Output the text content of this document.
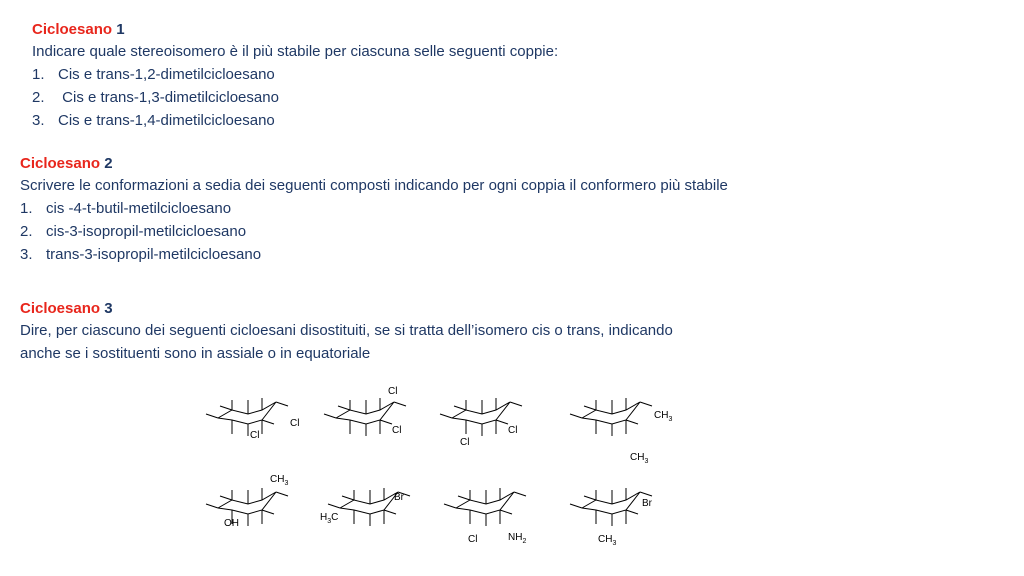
Cicloesano 1
Indicare quale stereoisomero è il più stabile per ciascuna selle seguenti coppie:
1. Cis e trans-1,2-dimetilcicloesano
2. Cis e trans-1,3-dimetilcicloesano
3. Cis e trans-1,4-dimetilcicloesano
Cicloesano 2
Scrivere le conformazioni a sedia dei seguenti composti indicando per ogni coppia il conformero più stabile
1. cis -4-t-butil-metilcicloesano
2. cis-3-isopropil-metilcicloesano
3. trans-3-isopropil-metilcicloesano
Cicloesano 3
Dire, per ciascuno dei seguenti cicloesani disostituiti, se si tratta dell’isomero cis o trans, indicando
anche se i sostituenti sono in assiale o in equatoriale
Cl
Cl
Cl
Cl
Cl
Cl
$CH_3$
$CH_3$
$CH_3$
OH
Br
$H_3C$
Cl	$NH_2$
Br
$CH_3$
